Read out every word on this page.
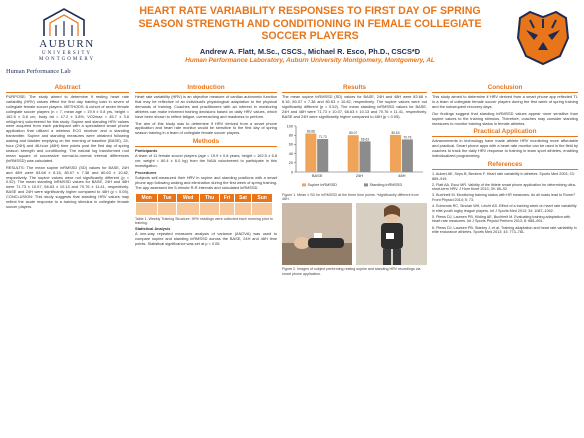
AUBURN
UNIVERSITY
MONTGOMERY
Human Performance Lab
HEART RATE VARIABILITY RESPONSES TO FIRST DAY OF SPRING SEASON STRENGTH AND CONDITIONING IN FEMALE COLLEGIATE SOCCER PLAYERS
Andrew A. Flatt, M.Sc., CSCS., Michael R. Esco, Ph.D., CSCS*D
Human Performance Laboratory, Auburn University Montgomery, Montgomery, AL
Abstract

PURPOSE: The study aimed to determine if resting heart rate variability (HRV) values effect the first day training load in seven of collegiate female soccer players. METHODS: A cohort of seven female collegiate soccer players (n = 7, mean age = 19.9 ± 0.8 yrs, height = 162.5 ± 5.8 cm, body fat = 17.2 ± 3.8%, VO2max = 45.7 ± 3.6 ml/kg/min) volunteered for this study. Supine and standing HRV values were acquired from each participant with a specialized smart phone application that utilized a wireless ECG receiver and a standing transmitter. Supine and standing measures were obtained following waking and bladder emptying on the morning of baseline (BASE), 24-hour (24H) and 48-hour (48H) time points post the first day of spring season strength and conditioning. The natural log transformed root mean square of successive normal-to-normal interval differences (lnRMSSD) was calculated.

RESULTS: The mean supine lnRMSSD (SD) values for BASE, 24H and 48H were 83.68 ± 8.16, 80.07 ± 7.38 and 80.63 ± 10.82, respectively. The supine values were not significantly different (p = 0.52). The mean standing lnRMSSD values for BASE, 24H and 48H were 71.73 ± 10.07, 66.63 ± 10.13 and 70.76 ± 11.41, respectively. BASE and 24H were significantly higher compared to 48H (p < 0.05). CONCLUSION: This study suggests that standing HRV values may reflect the acute response to a training stimulus in collegiate female soccer players.

Introduction

Heart rate variability (HRV) is an objective measure of cardiac autonomic function that may be reflective of an individual's physiological adaptation to the physical demands of training. Coaches and practitioners with an interest in monitoring athletes can make informed training decisions based on daily HRV values, which have been shown to reflect fatigue, overreaching and readiness to perform.

The aim of this study was to determine if HRV derived from a smart phone application and heart rate monitor would be sensitive to the first day of spring season training in a team of collegiate female soccer players.

Methods

Participants

A team of 11 female soccer players (age = 19.9 ± 0.8 years; height = 162.5 ± 5.8 cm; weight = 60.4 ± 6.0 kg) from the NAIA volunteered to participate in this investigation.

Procedures

Subjects self-measured their HRV in supine and standing positions with a smart phone app following waking and elimination during the first week of spring training. The app assessed the 5-minute R-R intervals and calculated lnRMSSD.

Mon	Tue	Wed	Thu	Fri	Sat	Sun

Table 1. Weekly Training Structure. HRV readings were collected each morning prior to training.

Statistical Analysis

A one-way repeated measures analysis of variance (ANOVA) was used to compare supine and standing lnRMSSD across the BASE, 24H and 48H time points. Statistical significance was set at p < 0.05.

Results

The mean supine lnRMSSD (SD) values for BASE, 24H and 48H were 83.68 ± 8.16, 80.07 ± 7.38 and 80.63 ± 10.82, respectively. The supine values were not significantly different (p = 0.52). The mean standing lnRMSSD values for BASE, 24H and 48H were 71.73 ± 10.07, 66.63 ± 10.13 and 70.76 ± 11.41, respectively. BASE and 24H were significantly higher compared to 48H (p < 0.05).

0
20
40
60
80
100
83.68
71.73
BASE
80.07
66.63
24H
80.63
70.76
48H
Supine lnRMSSD	Standing lnRMSSD

Figure 1. Mean ± SD for lnRMSSD at the three time points. *significantly different from 48H.

Figure 2. Images of subject performing resting supine and standing HRV recordings via smart phone application.

Conclusion

This study aimed to determine if HRV derived from a smart phone app reflected TL in a team of collegiate female soccer players during the first week of spring training and the subsequent recovery days.

Our findings suggest that standing lnRMSSD values appear more sensitive than supine values to the training stimulus. Therefore, coaches may consider standing measures to monitor training status in female athletes.

Practical Application

Advancements in technology have made athlete HRV monitoring more affordable and practical. Smart phone apps with a heart rate monitor can be used in the field by coaches to track the daily HRV response to training in team sport athletes, enabling individualized programming.

References
1. Aubert AE, Seps B, Beckers F. Heart rate variability in athletes. Sports Med 2003; 33: 889–919.
2. Flatt AA, Esco MR. Validity of the ithlete smart phone application for determining ultra-short-term HRV. J Hum Kinet 2013; 39: 85–92.
3. Buchheit M. Monitoring training status with HR measures: do all roads lead to Rome? Front Physiol 2014; 5: 73.
4. Edmonds RC, Sinclair WH, Leicht AS. Effect of a training week on heart rate variability in elite youth rugby league players. Int J Sports Med 2013; 34: 1087–1092.
5. Plews DJ, Laursen PB, Kilding AE, Buchheit M. Evaluating training adaptation with heart rate measures. Int J Sports Physiol Perform 2013; 8: 688–691.
6. Plews DJ, Laursen PB, Stanley J, et al. Training adaptation and heart rate variability in elite endurance athletes. Sports Med 2013; 43: 773–781.
